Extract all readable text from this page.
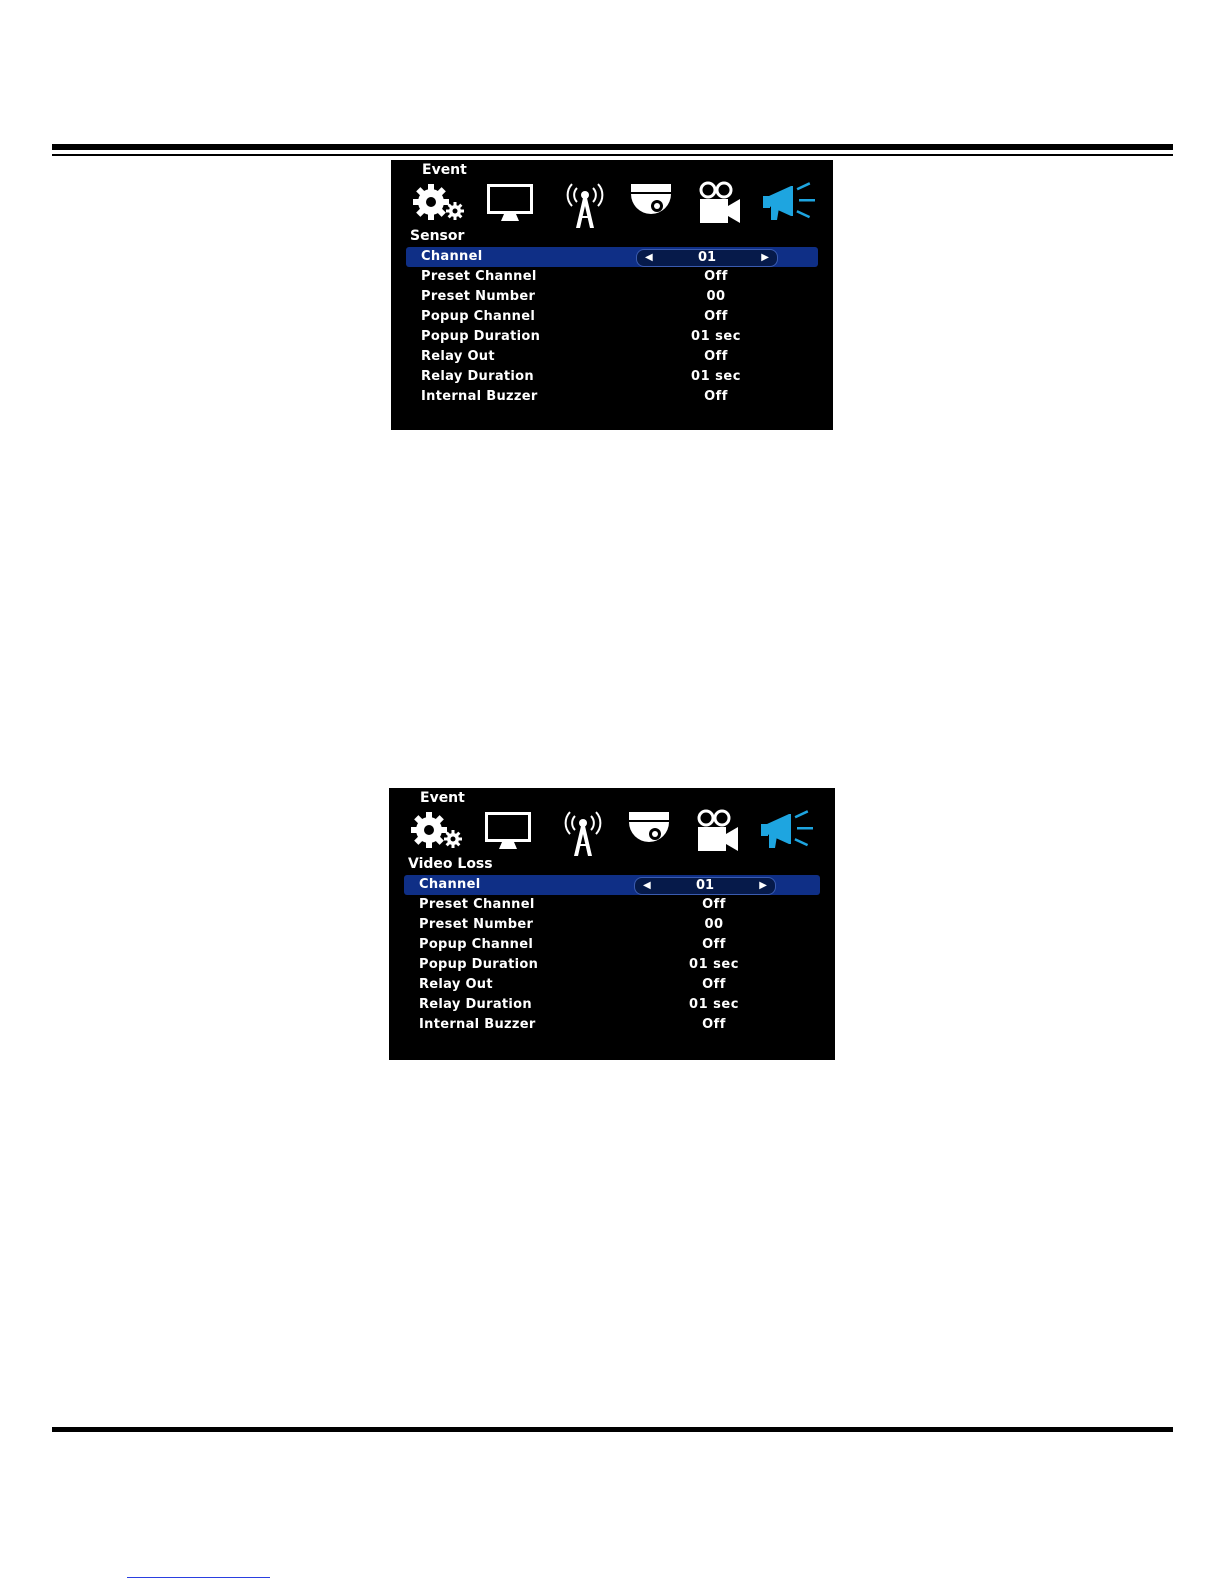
Event
Sensor
Channel	◀	01	▶
Preset Channel	Off
Preset Number	00
Popup Channel	Off
Popup Duration	01 sec
Relay Out	Off
Relay Duration	01 sec
Internal Buzzer	Off
Event
Video Loss
Channel	◀	01	▶
Preset Channel	Off
Preset Number	00
Popup Channel	Off
Popup Duration	01 sec
Relay Out	Off
Relay Duration	01 sec
Internal Buzzer	Off
